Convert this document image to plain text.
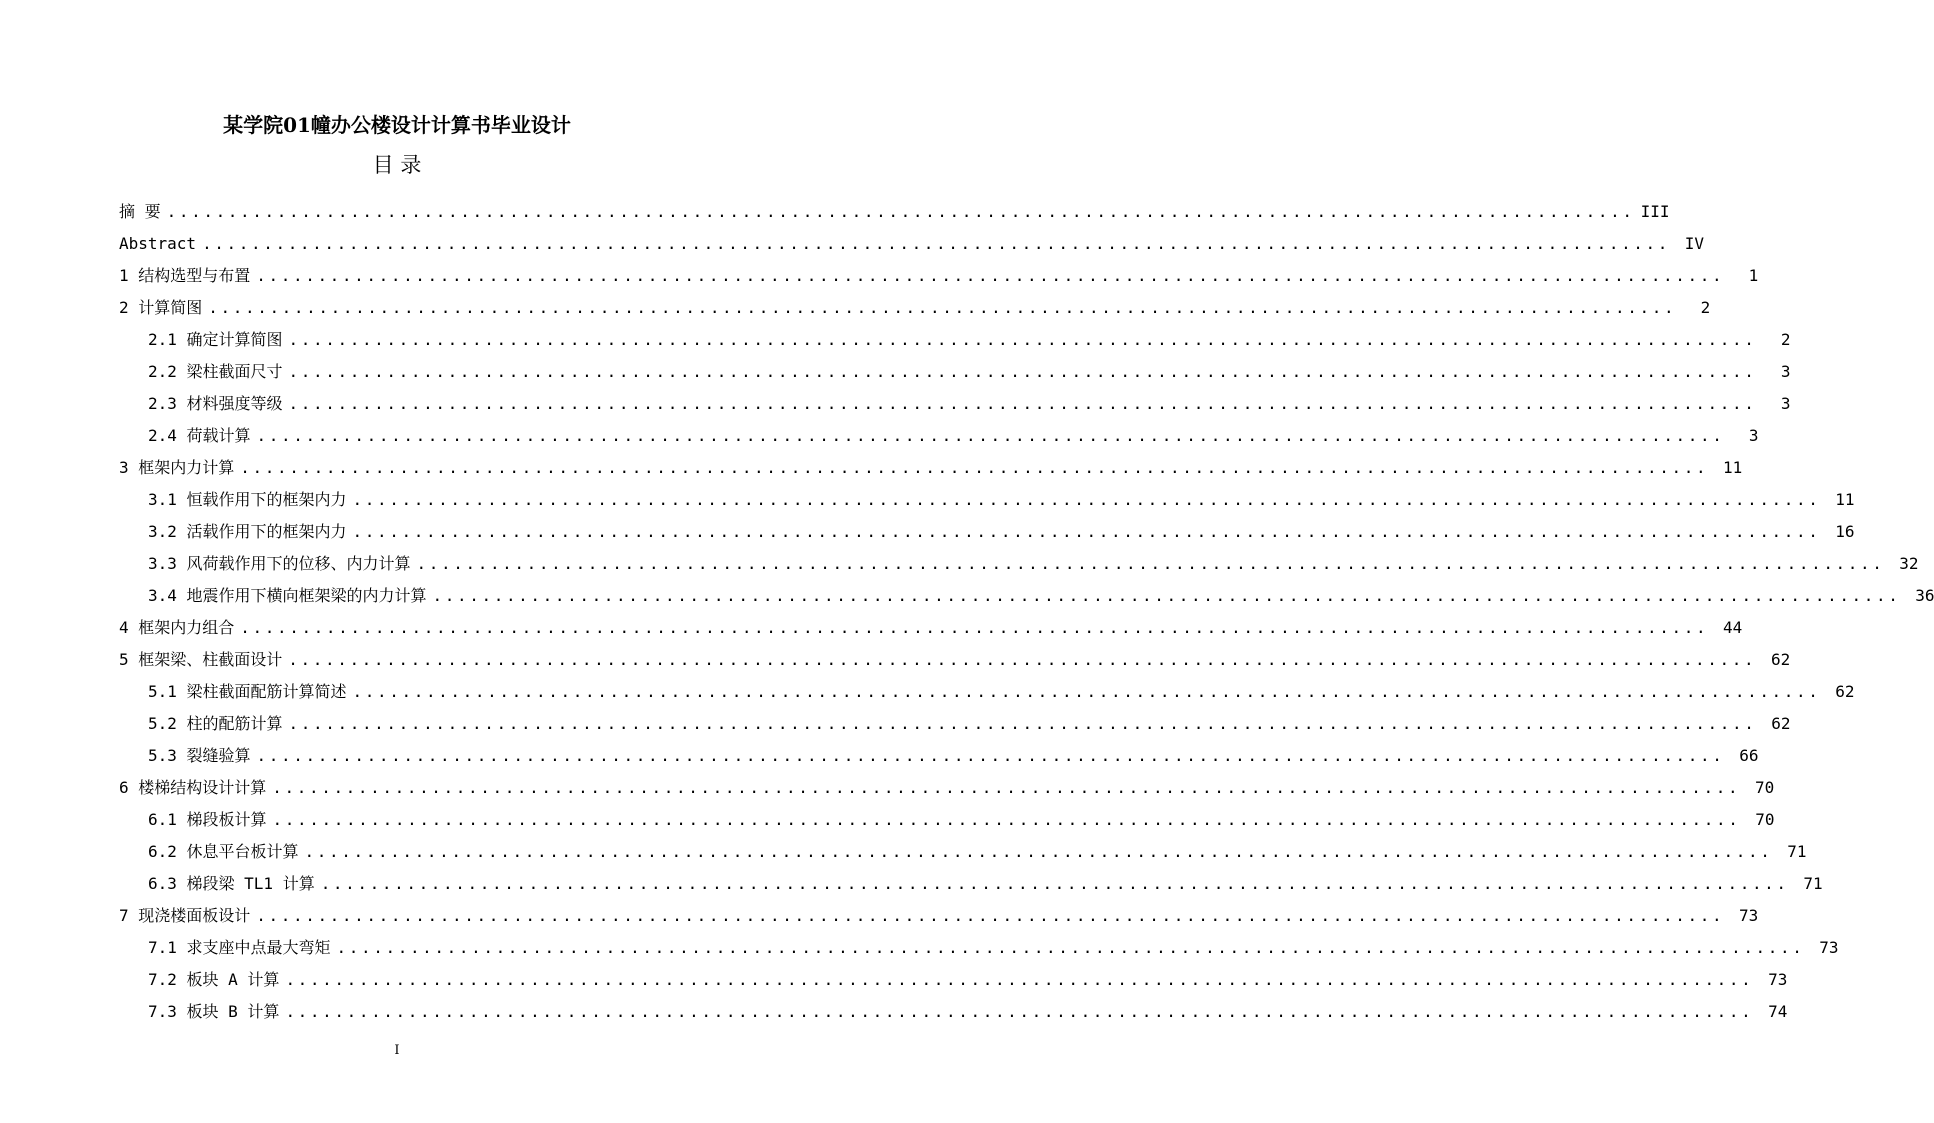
某学院01幢办公楼设计计算书毕业设计
目 录
摘 要 ........................................................................................................................ III
Abstract ........................................................................................................................ IV
1 结构选型与布置 ........................................................................................................................	1
2 计算简图 ........................................................................................................................	2
2.1 确定计算简图 ........................................................................................................................	2
2.2 梁柱截面尺寸 ........................................................................................................................	3
2.3 材料强度等级 ........................................................................................................................	3
2.4 荷载计算 ........................................................................................................................	3
3 框架内力计算 ........................................................................................................................ 11
3.1 恒载作用下的框架内力 ........................................................................................................................ 11
3.2 活载作用下的框架内力 ........................................................................................................................ 16
3.3 风荷载作用下的位移、内力计算 ........................................................................................................................ 32
3.4 地震作用下横向框架梁的内力计算 ........................................................................................................................ 36
4 框架内力组合 ........................................................................................................................ 44
5 框架梁、柱截面设计 ........................................................................................................................ 62
5.1 梁柱截面配筋计算简述 ........................................................................................................................ 62
5.2 柱的配筋计算 ........................................................................................................................ 62
5.3 裂缝验算 ........................................................................................................................ 66
6 楼梯结构设计计算 ........................................................................................................................ 70
6.1 梯段板计算 ........................................................................................................................ 70
6.2 休息平台板计算 ........................................................................................................................ 71
6.3 梯段梁 TL1 计算 ........................................................................................................................ 71
7 现浇楼面板设计 ........................................................................................................................ 73
7.1 求支座中点最大弯矩 ........................................................................................................................ 73
7.2 板块 A 计算 ........................................................................................................................ 73
7.3 板块 B 计算 ........................................................................................................................ 74
I
